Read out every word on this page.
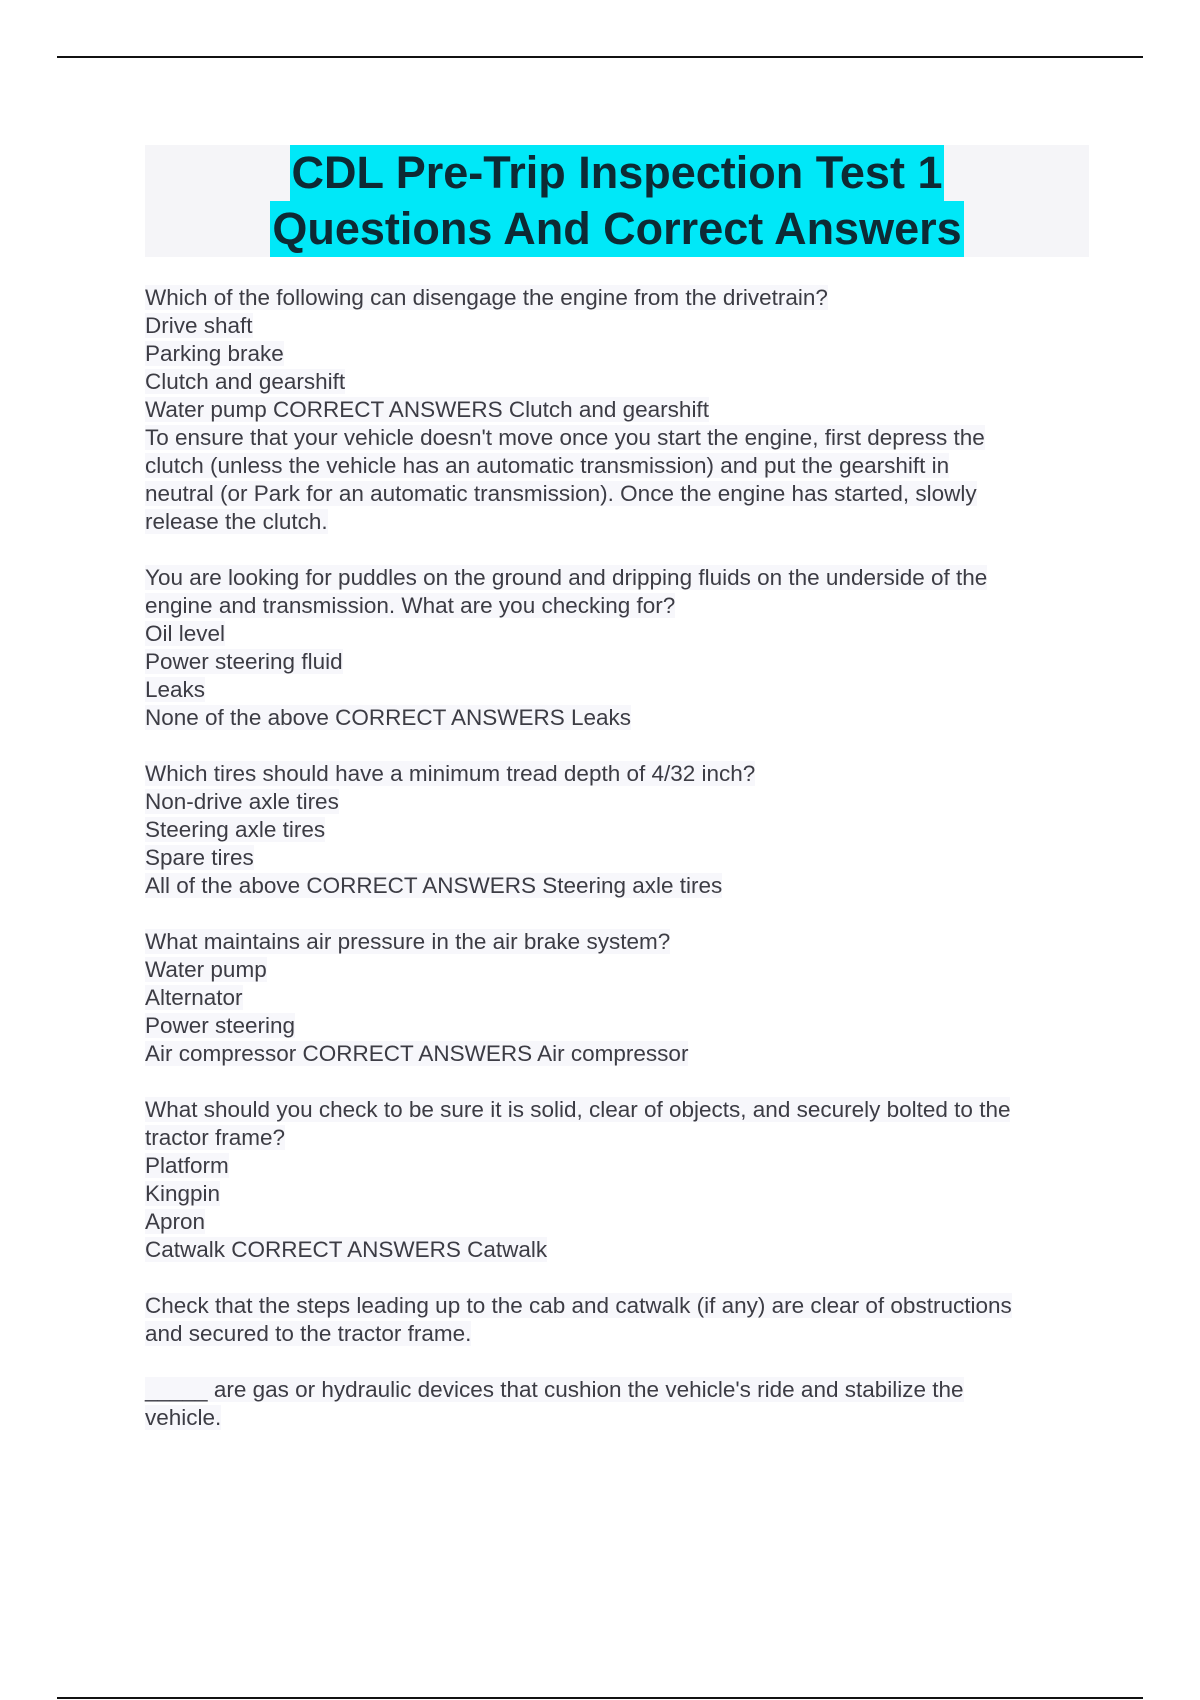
CDL Pre-Trip Inspection Test 1
Questions And Correct Answers
Which of the following can disengage the engine from the drivetrain?
Drive shaft
Parking brake
Clutch and gearshift
Water pump CORRECT ANSWERS Clutch and gearshift
To ensure that your vehicle doesn't move once you start the engine, first depress the
clutch (unless the vehicle has an automatic transmission) and put the gearshift in
neutral (or Park for an automatic transmission). Once the engine has started, slowly
release the clutch.
You are looking for puddles on the ground and dripping fluids on the underside of the
engine and transmission. What are you checking for?
Oil level
Power steering fluid
Leaks
None of the above CORRECT ANSWERS Leaks
Which tires should have a minimum tread depth of 4/32 inch?
Non-drive axle tires
Steering axle tires
Spare tires
All of the above CORRECT ANSWERS Steering axle tires
What maintains air pressure in the air brake system?
Water pump
Alternator
Power steering
Air compressor CORRECT ANSWERS Air compressor
What should you check to be sure it is solid, clear of objects, and securely bolted to the
tractor frame?
Platform
Kingpin
Apron
Catwalk CORRECT ANSWERS Catwalk
Check that the steps leading up to the cab and catwalk (if any) are clear of obstructions
and secured to the tractor frame.
_____ are gas or hydraulic devices that cushion the vehicle's ride and stabilize the
vehicle.
